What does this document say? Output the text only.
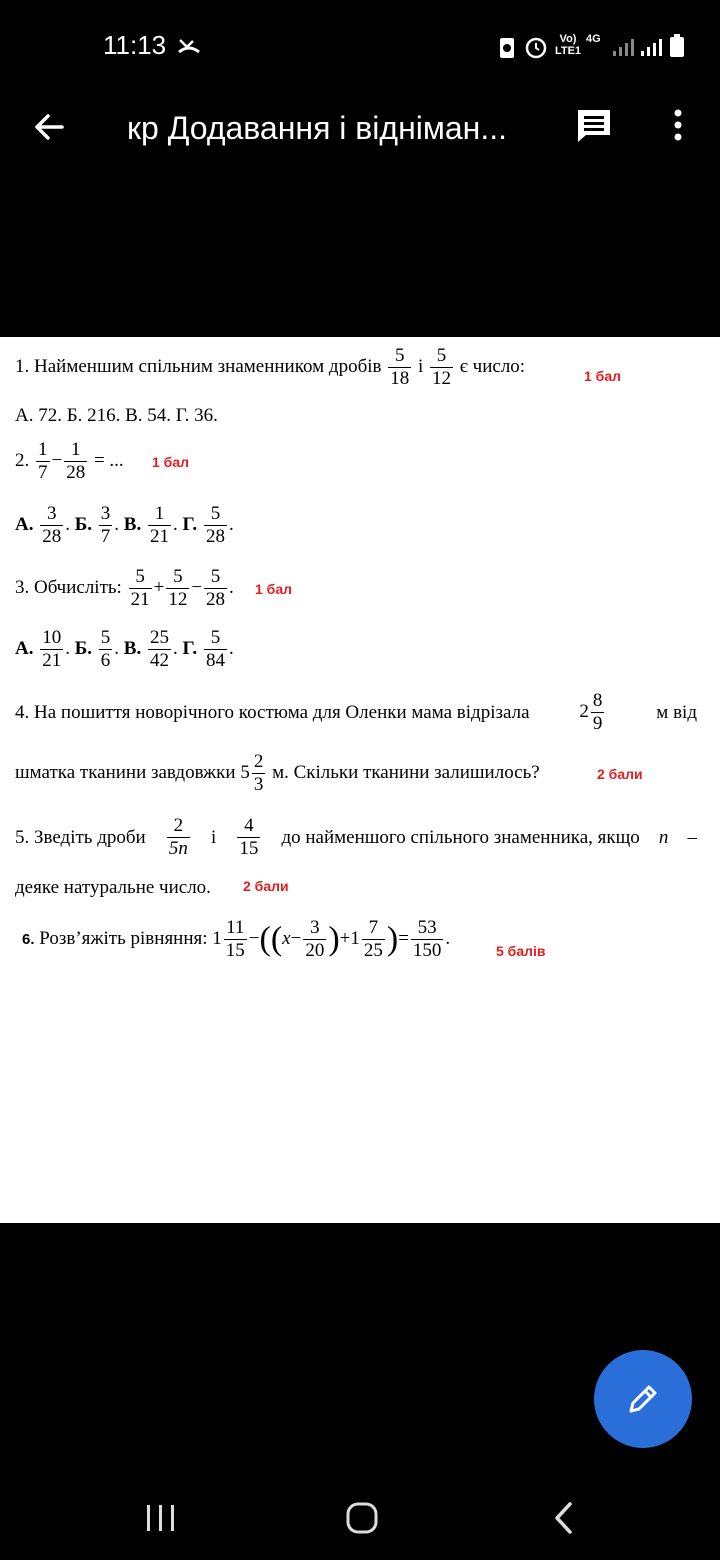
11:13	Vo) LTE1
4G
кр Додавання і відніман...
1. Найменшим спільним знаменником дробів $\frac{5}{18}$ і $\frac{5}{12}$ є число:	1 бал
А. 72. Б. 216. В. 54. Г. 36.
2. $\frac{1}{7} - \frac{1}{28}$ = ... 1 бал
А. $\frac{3}{28}$ . Б. $\frac{3}{7}$ . В. $\frac{1}{21}$ . Г. $\frac{5}{28}$ .
3. Обчисліть: $\frac{5}{21} + \frac{5}{12} - \frac{5}{28}$ . 1 бал
А. $\frac{10}{21}$ . Б. $\frac{5}{6}$ . В. $\frac{25}{42}$ . Г. $\frac{5}{84}$ .
4. На пошиття новорічного костюма для Оленки мама відрізала	$2 \frac{8}{9}$	м від
шматка тканини завдовжки $5 \frac{2}{3} м$. Скільки тканини залишилось?	2 бали
5. Зведіть дроби $\frac{2}{5n}$ і $\frac{4}{15}$ до найменшого спільного знаменника, якщо n –
деяке натуральне число. 2 бали
6. Розв’яжіть рівняння: $1 \frac{11}{15} -((x- \frac{3}{20} )+1 \frac{7}{25}$ )= $\frac{53}{150}$ .
5 балів
